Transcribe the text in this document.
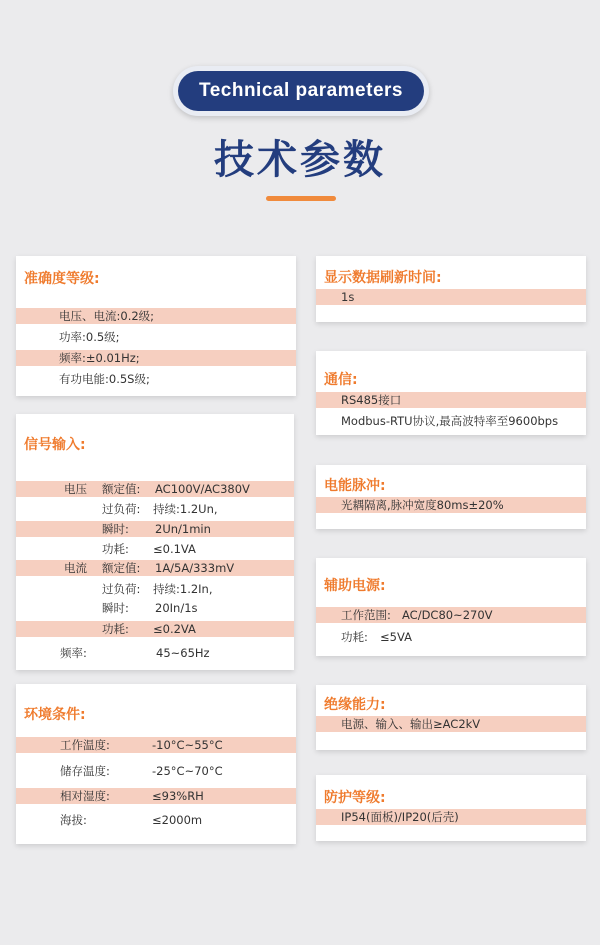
Technical parameters
技术参数
准确度等级:
电压、电流:0.2级;
功率:0.5级;
频率:±0.01Hz;
有功电能:0.5S级;
信号输入:
电压 额定值: AC100V/AC380V
过负荷: 持续:1.2Un,
瞬时: 2Un/1min
功耗: ≤0.1VA
电流 额定值: 1A/5A/333mV
过负荷: 持续:1.2In,
瞬时: 20In/1s
功耗: ≤0.2VA
频率:	45~65Hz
环境条件:
工作温度:	-10°C~55°C
储存温度:	-25°C~70°C
相对湿度:	≤93%RH
海拔:	≤2000m
显示数据刷新时间:
1s
通信:
RS485接口
Modbus-RTU协议,最高波特率至9600bps
电能脉冲:
光耦隔离,脉冲宽度80ms±20%
辅助电源:
工作范围: AC/DC80~270V
功耗: ≤5VA
绝缘能力:
电源、输入、输出≥AC2kV
防护等级:
IP54(面板)/IP20(后壳)
